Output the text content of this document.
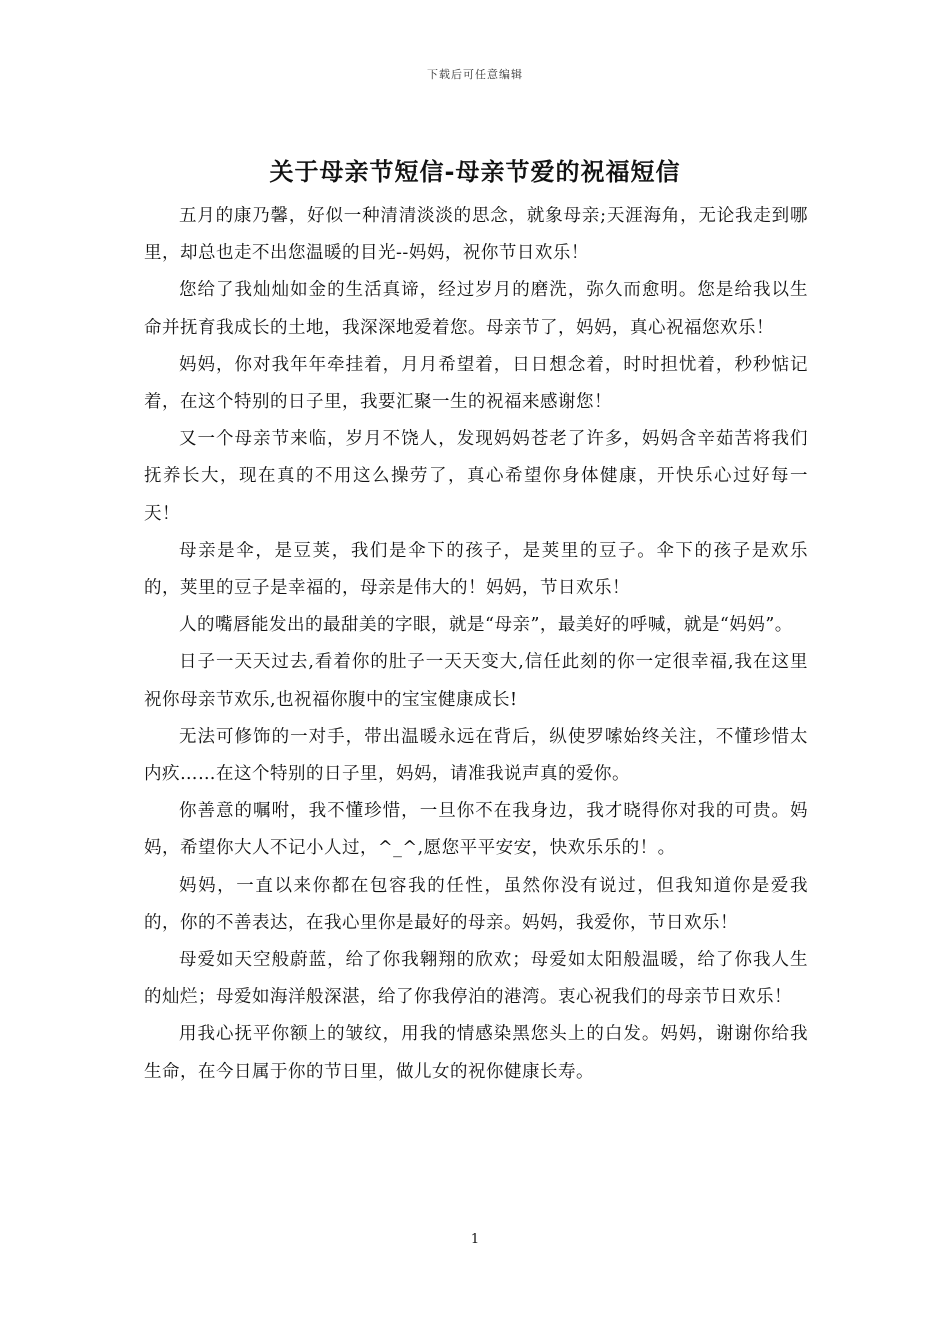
下载后可任意编辑
关于母亲节短信-母亲节爱的祝福短信

五月的康乃馨，好似一种清清淡淡的思念，就象母亲;天涯海角，无论我走到哪里，却总也走不出您温暖的目光--妈妈，祝你节日欢乐！

您给了我灿灿如金的生活真谛，经过岁月的磨洗，弥久而愈明。您是给我以生命并抚育我成长的土地，我深深地爱着您。母亲节了，妈妈，真心祝福您欢乐！

妈妈，你对我年年牵挂着，月月希望着，日日想念着，时时担忧着，秒秒惦记着，在这个特别的日子里，我要汇聚一生的祝福来感谢您！

又一个母亲节来临，岁月不饶人，发现妈妈苍老了许多，妈妈含辛茹苦将我们抚养长大，现在真的不用这么操劳了，真心希望你身体健康，开快乐心过好每一天！

母亲是伞，是豆荚，我们是伞下的孩子，是荚里的豆子。伞下的孩子是欢乐的，荚里的豆子是幸福的，母亲是伟大的！妈妈，节日欢乐！

人的嘴唇能发出的最甜美的字眼，就是“母亲”，最美好的呼喊，就是“妈妈”。

日子一天天过去,看着你的肚子一天天变大,信任此刻的你一定很幸福,我在这里祝你母亲节欢乐,也祝福你腹中的宝宝健康成长!

无法可修饰的一对手，带出温暖永远在背后，纵使罗嗦始终关注，不懂珍惜太内疚……在这个特别的日子里，妈妈，请准我说声真的爱你。

你善意的嘱咐，我不懂珍惜，一旦你不在我身边，我才晓得你对我的可贵。妈妈，希望你大人不记小人过，^_^,愿您平平安安，快欢乐乐的！。

妈妈，一直以来你都在包容我的任性，虽然你没有说过，但我知道你是爱我的，你的不善表达，在我心里你是最好的母亲。妈妈，我爱你，节日欢乐！

母爱如天空般蔚蓝，给了你我翱翔的欣欢；母爱如太阳般温暖，给了你我人生的灿烂；母爱如海洋般深湛，给了你我停泊的港湾。衷心祝我们的母亲节日欢乐！

用我心抚平你额上的皱纹，用我的情感染黑您头上的白发。妈妈，谢谢你给我生命，在今日属于你的节日里，做儿女的祝你健康长寿。

1
